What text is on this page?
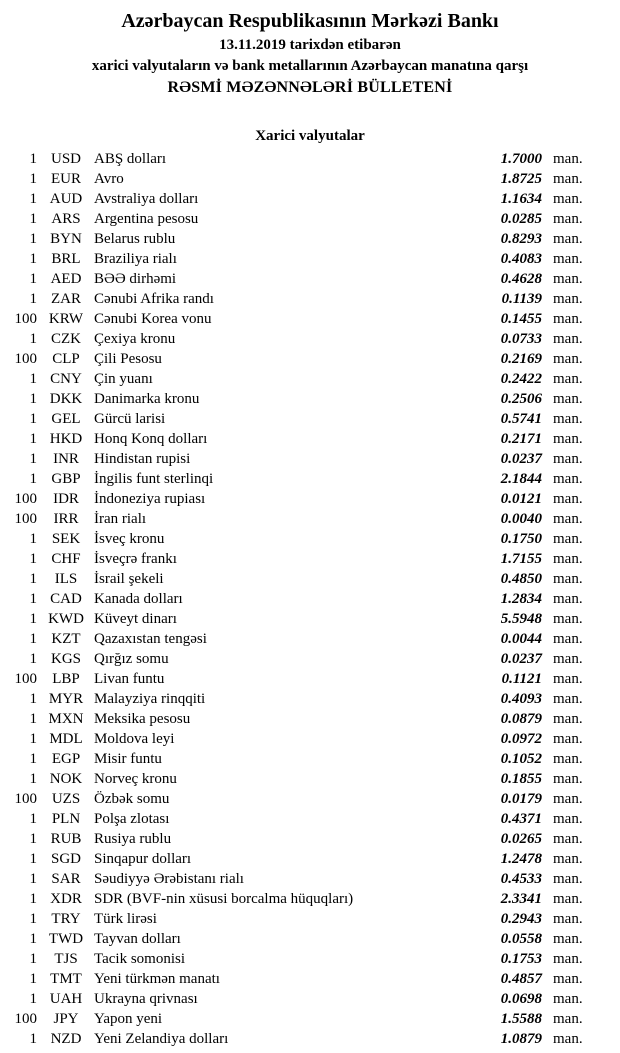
Azərbaycan Respublikasının Mərkəzi Bankı
13.11.2019 tarixdən etibarən
xarici valyutaların və bank metallarının Azərbaycan manatına qarşı
RƏSMİ MƏZƏNNƏLƏRİ BÜLLETENİ
Xarici valyutalar
1 USD ABŞ dolları	1.7000 man.
1 EUR Avro	1.8725 man.
1 AUD Avstraliya dolları	1.1634 man.
1 ARS Argentina pesosu	0.0285 man.
1 BYN Belarus rublu	0.8293 man.
1 BRL Braziliya rialı	0.4083 man.
1 AED BƏƏ dirhəmi	0.4628 man.
1 ZAR Cənubi Afrika randı	0.1139 man.
100 KRW Cənubi Korea vonu	0.1455 man.
1 CZK Çexiya kronu	0.0733 man.
100	CLP Çili Pesosu	0.2169 man.
1 CNY Çin yuanı	0.2422 man.
1 DKK Danimarka kronu	0.2506 man.
1 GEL Gürcü larisi	0.5741 man.
1 HKD Honq Konq dolları	0.2171 man.
1	INR	Hindistan rupisi	0.0237 man.
1 GBP İngilis funt sterlinqi	2.1844 man.
100	IDR	İndoneziya rupiası	0.0121 man.
100	IRR	İran rialı	0.0040 man.
1 SEK İsveç kronu	0.1750 man.
1 CHF İsveçrə frankı	1.7155 man.
1	ILS	İsrail şekeli	0.4850 man.
1 CAD Kanada dolları	1.2834 man.
1 KWD Küveyt dinarı	5.5948 man.
1 KZT Qazaxıstan tengəsi	0.0044 man.
1 KGS Qırğız somu	0.0237 man.
100	LBP Livan funtu	0.1121 man.
1 MYR Malayziya rinqqiti	0.4093 man.
1 MXN Meksika pesosu	0.0879 man.
1 MDL Moldova leyi	0.0972 man.
1 EGP Misir funtu	0.1052 man.
1 NOK Norveç kronu	0.1855 man.
100 UZS Özbək somu	0.0179 man.
1 PLN Polşa zlotası	0.4371 man.
1 RUB Rusiya rublu	0.0265 man.
1 SGD Sinqapur dolları	1.2478 man.
1 SAR Səudiyyə Ərəbistanı rialı	0.4533 man.
1 XDR SDR (BVF-nin xüsusi borcalma hüquqları)	2.3341 man.
1 TRY Türk lirəsi	0.2943 man.
1 TWD Tayvan dolları	0.0558 man.
1	TJS	Tacik somonisi	0.1753 man.
1 TMT Yeni türkmən manatı	0.4857 man.
1 UAH Ukrayna qrivnası	0.0698 man.
100	JPY	Yapon yeni	1.5588 man.
1 NZD Yeni Zelandiya dolları	1.0879 man.
